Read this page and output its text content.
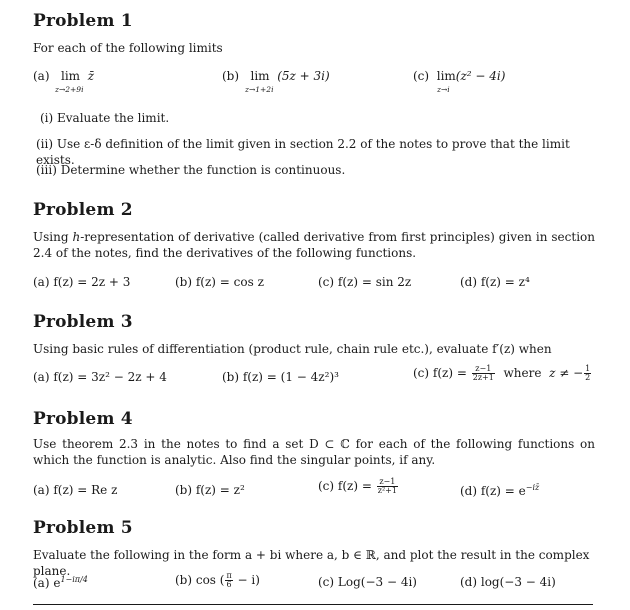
Problem 1
For each of the following limits
(a) lim z̄
z→2+9i
(b) lim (5z + 3i)
z→1+2i
(c) lim(z² − 4i)
z→i
(i) Evaluate the limit.
(ii) Use ε-δ definition of the limit given in section 2.2 of the notes to prove that the limit exists.
(iii) Determine whether the function is continuous.
Problem 2
Using h-representation of derivative (called derivative from first principles) given in section 2.4 of the notes, find the derivatives of the following functions.
(a) f(z) = 2z + 3	(b) f(z) = cos z	(c) f(z) = sin 2z	(d) f(z) = z⁴
Problem 3
Using basic rules of differentiation (product rule, chain rule etc.), evaluate f′(z) when
(a) f(z) = 3z² − 2z + 4	(b) f(z) = (1 − 4z²)³	(c) $f(z) = \frac{z-1}{2z+1}$ where z ≠ − $\frac{1}{2}$
Problem 4
Use theorem 2.3 in the notes to find a set D ⊂ ℂ for each of the following functions on which the function is analytic. Also find the singular points, if any.
(a) f(z) = Re z	(b) f(z) = z²	(c) $f(z) = \frac{z-1}{\text{z²+1}}$	(d) $f(z) = e^{-iz̄}$
Problem 5
Evaluate the following in the form a + bi where a, b ∈ ℝ, and plot the result in the complex plane.
(a) $e^{1-i\pi/4}$	(b) cos ( $\frac{\pi}{6} - i$)	(c) Log(−3 − 4i)	(d) log(−3 − 4i)
